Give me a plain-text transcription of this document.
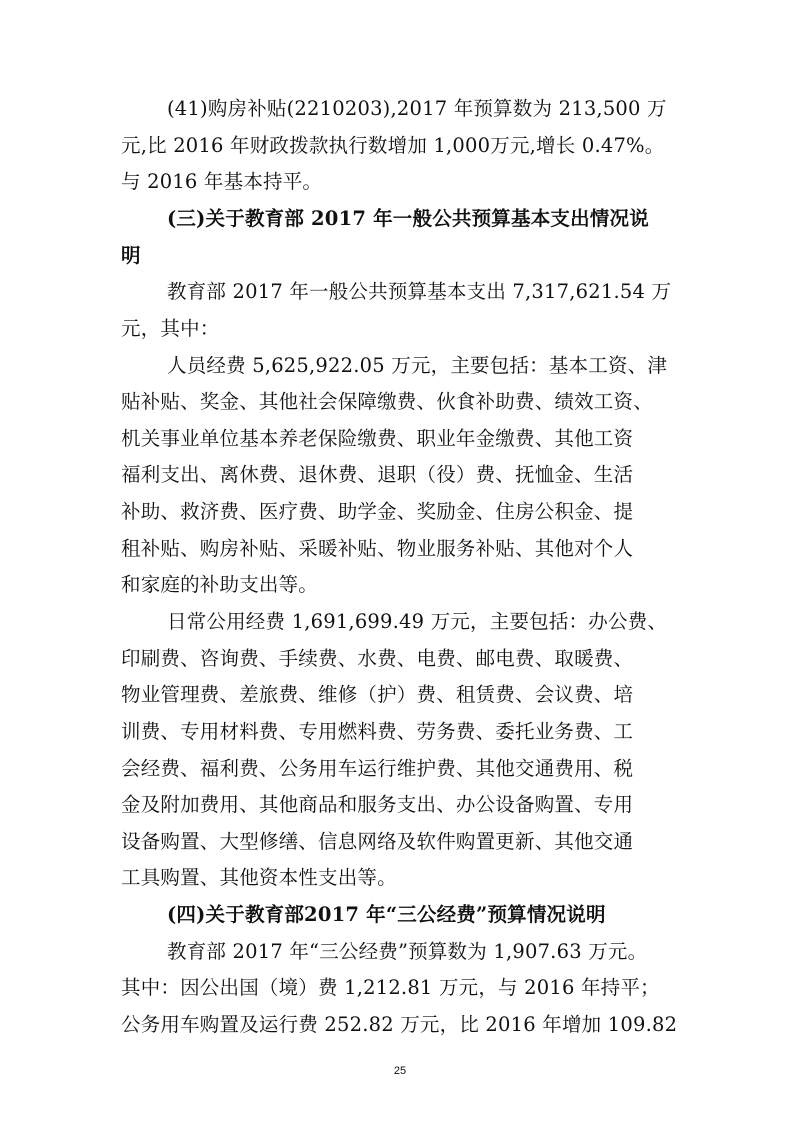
(41)购房补贴(2210203),2017 年预算数为 213,500 万
元,比 2016 年财政拨款执行数增加 1,000万元,增长 0.47%。
与 2016 年基本持平。
(三)关于教育部 2017 年一般公共预算基本支出情况说
明
教育部 2017 年一般公共预算基本支出 7,317,621.54 万
元，其中：
人员经费 5,625,922.05 万元，主要包括：基本工资、津
贴补贴、奖金、其他社会保障缴费、伙食补助费、绩效工资、
机关事业单位基本养老保险缴费、职业年金缴费、其他工资
福利支出、离休费、退休费、退职（役）费、抚恤金、生活
补助、救济费、医疗费、助学金、奖励金、住房公积金、提
租补贴、购房补贴、采暖补贴、物业服务补贴、其他对个人
和家庭的补助支出等。
日常公用经费 1,691,699.49 万元，主要包括：办公费、
印刷费、咨询费、手续费、水费、电费、邮电费、取暖费、
物业管理费、差旅费、维修（护）费、租赁费、会议费、培
训费、专用材料费、专用燃料费、劳务费、委托业务费、工
会经费、福利费、公务用车运行维护费、其他交通费用、税
金及附加费用、其他商品和服务支出、办公设备购置、专用
设备购置、大型修缮、信息网络及软件购置更新、其他交通
工具购置、其他资本性支出等。
(四)关于教育部2017 年“三公经费”预算情况说明
教育部 2017 年“三公经费”预算数为 1,907.63 万元。
其中：因公出国（境）费 1,212.81 万元，与 2016 年持平；
公务用车购置及运行费 252.82 万元，比 2016 年增加 109.82
25
